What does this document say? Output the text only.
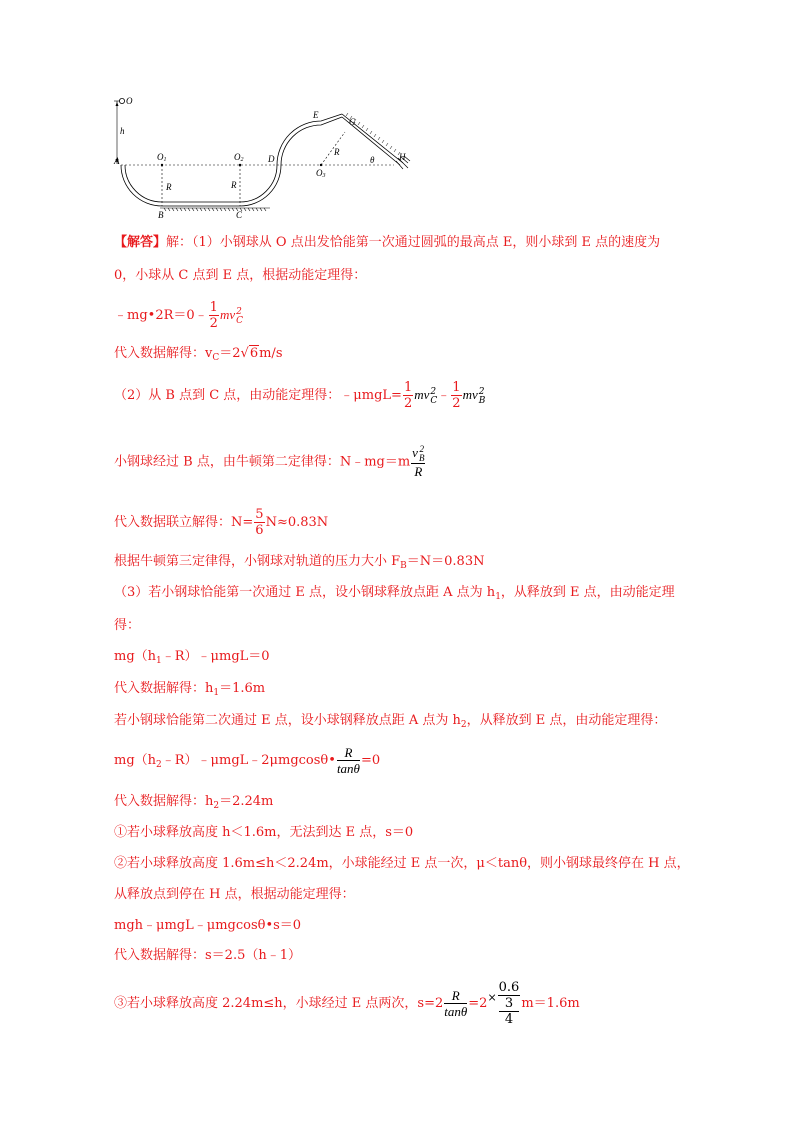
O
h
A	O1	O2
O3
R	R
R
B	C
D
E
G
H
θ
【解答】解：（1）小钢球从 O 点出发恰能第一次通过圆弧的最高点 E，则小球到 E 点的速度为
0，小球从 C 点到 E 点，根据动能定理得：
﹣mg•2R＝0﹣ $\frac{1}{2}$ mv 2
C
代入数据解得：$v_C=2√6m/s$
（2）从 B 点到 C 点，由动能定理得：﹣μmgL= $\frac{1}{2}$ mv 2
C ﹣ $\frac{1}{2}$ mv 2
B
小钢球经过 B 点，由牛顿第二定律得：N﹣mg＝m v 2
B
R
代入数据联立解得：$N= \frac{5}{6} N\approx 0.83N$
根据牛顿第三定律得，小钢球对轨道的压力大小 $F_B=N=0.83N$
（3）若小钢球恰能第一次通过 E 点，设小钢球释放点距 A 点为 $h_1$，从释放到 E 点，由动能定理
得：
$mg(h_1﹣R)﹣\mu mgL=0$
代入数据解得：$h_1=1.6m$
若小钢球恰能第二次通过 E 点，设小球钢释放点距 A 点为 $h_2$，从释放到 E 点，由动能定理得：
$mg(h_2﹣R)﹣\mu mgL﹣2\mu mgcos\theta• \frac{R}{\tan\theta} =0$
代入数据解得：$h_2=2.24m$
①若小球释放高度 h＜1.6m，无法到达 E 点，s＝0
②若小球释放高度 1.6m≤h＜2.24m，小球能经过 E 点一次，μ＜tanθ，则小钢球最终停在 H 点，
从释放点到停在 H 点，根据动能定理得：
mgh﹣μmgL﹣μmgcosθ•s＝0
代入数据解得：s＝2.5（h﹣1）
③若小球释放高度 2.24m≤h，小球经过 E 点两次，$s=2 \frac{R}{\tan\theta} =2^\times$ 0.6
3
4 m＝1.6m
